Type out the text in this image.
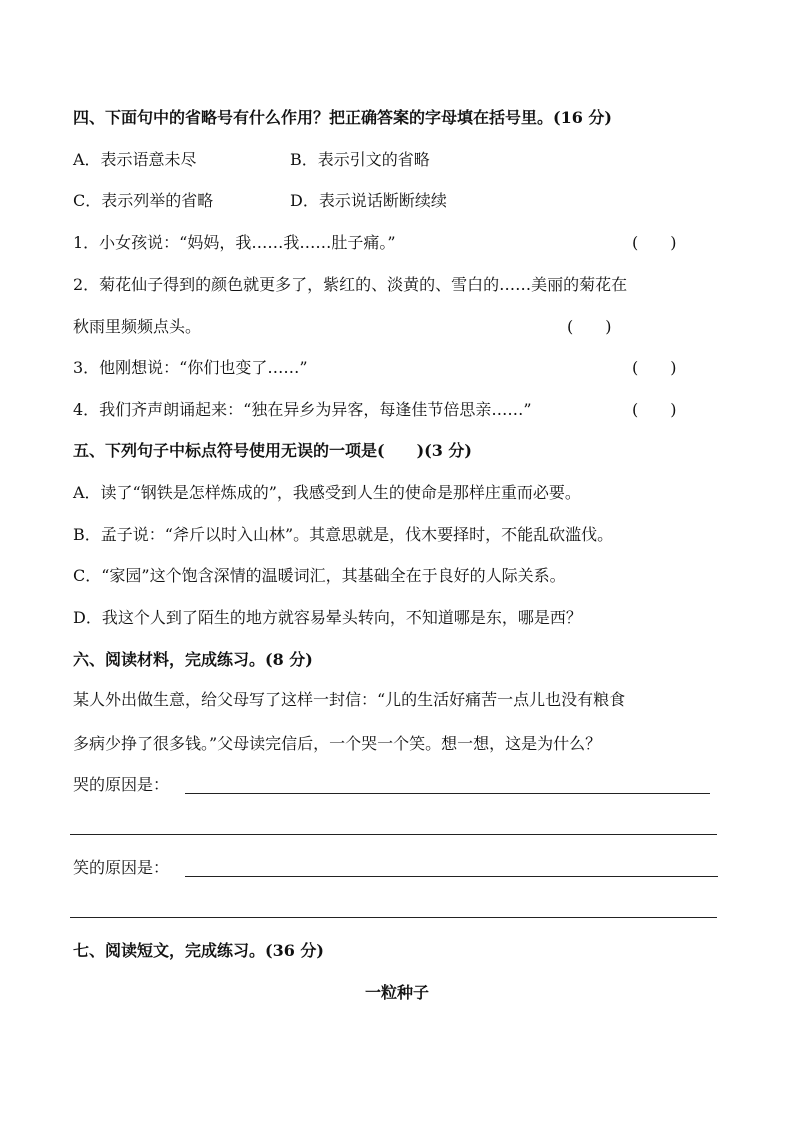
四、下面句中的省略号有什么作用？把正确答案的字母填在括号里。(16 分)
A．表示语意未尽	B．表示引文的省略
C．表示列举的省略	D．表示说话断断续续
1．小女孩说：“妈妈，我……我……肚子痛。”	(　　)
2．菊花仙子得到的颜色就更多了，紫红的、淡黄的、雪白的……美丽的菊花在
秋雨里频频点头。	(　　)
3．他刚想说：“你们也变了……”	(　　)
4．我们齐声朗诵起来：“独在异乡为异客，每逢佳节倍思亲……”	(　　)
五、下列句子中标点符号使用无误的一项是(　　)(3 分)
A．读了“钢铁是怎样炼成的”，我感受到人生的使命是那样庄重而必要。
B．孟子说：“斧斤以时入山林”。其意思就是，伐木要择时，不能乱砍滥伐。
C．“家园”这个饱含深情的温暖词汇，其基础全在于良好的人际关系。
D．我这个人到了陌生的地方就容易晕头转向，不知道哪是东，哪是西？
六、阅读材料，完成练习。(8 分)
某人外出做生意，给父母写了这样一封信：“儿的生活好痛苦一点儿也没有粮食
多病少挣了很多钱。”父母读完信后，一个哭一个笑。想一想，这是为什么？
哭的原因是：
笑的原因是：
七、阅读短文，完成练习。(36 分)
一粒种子
